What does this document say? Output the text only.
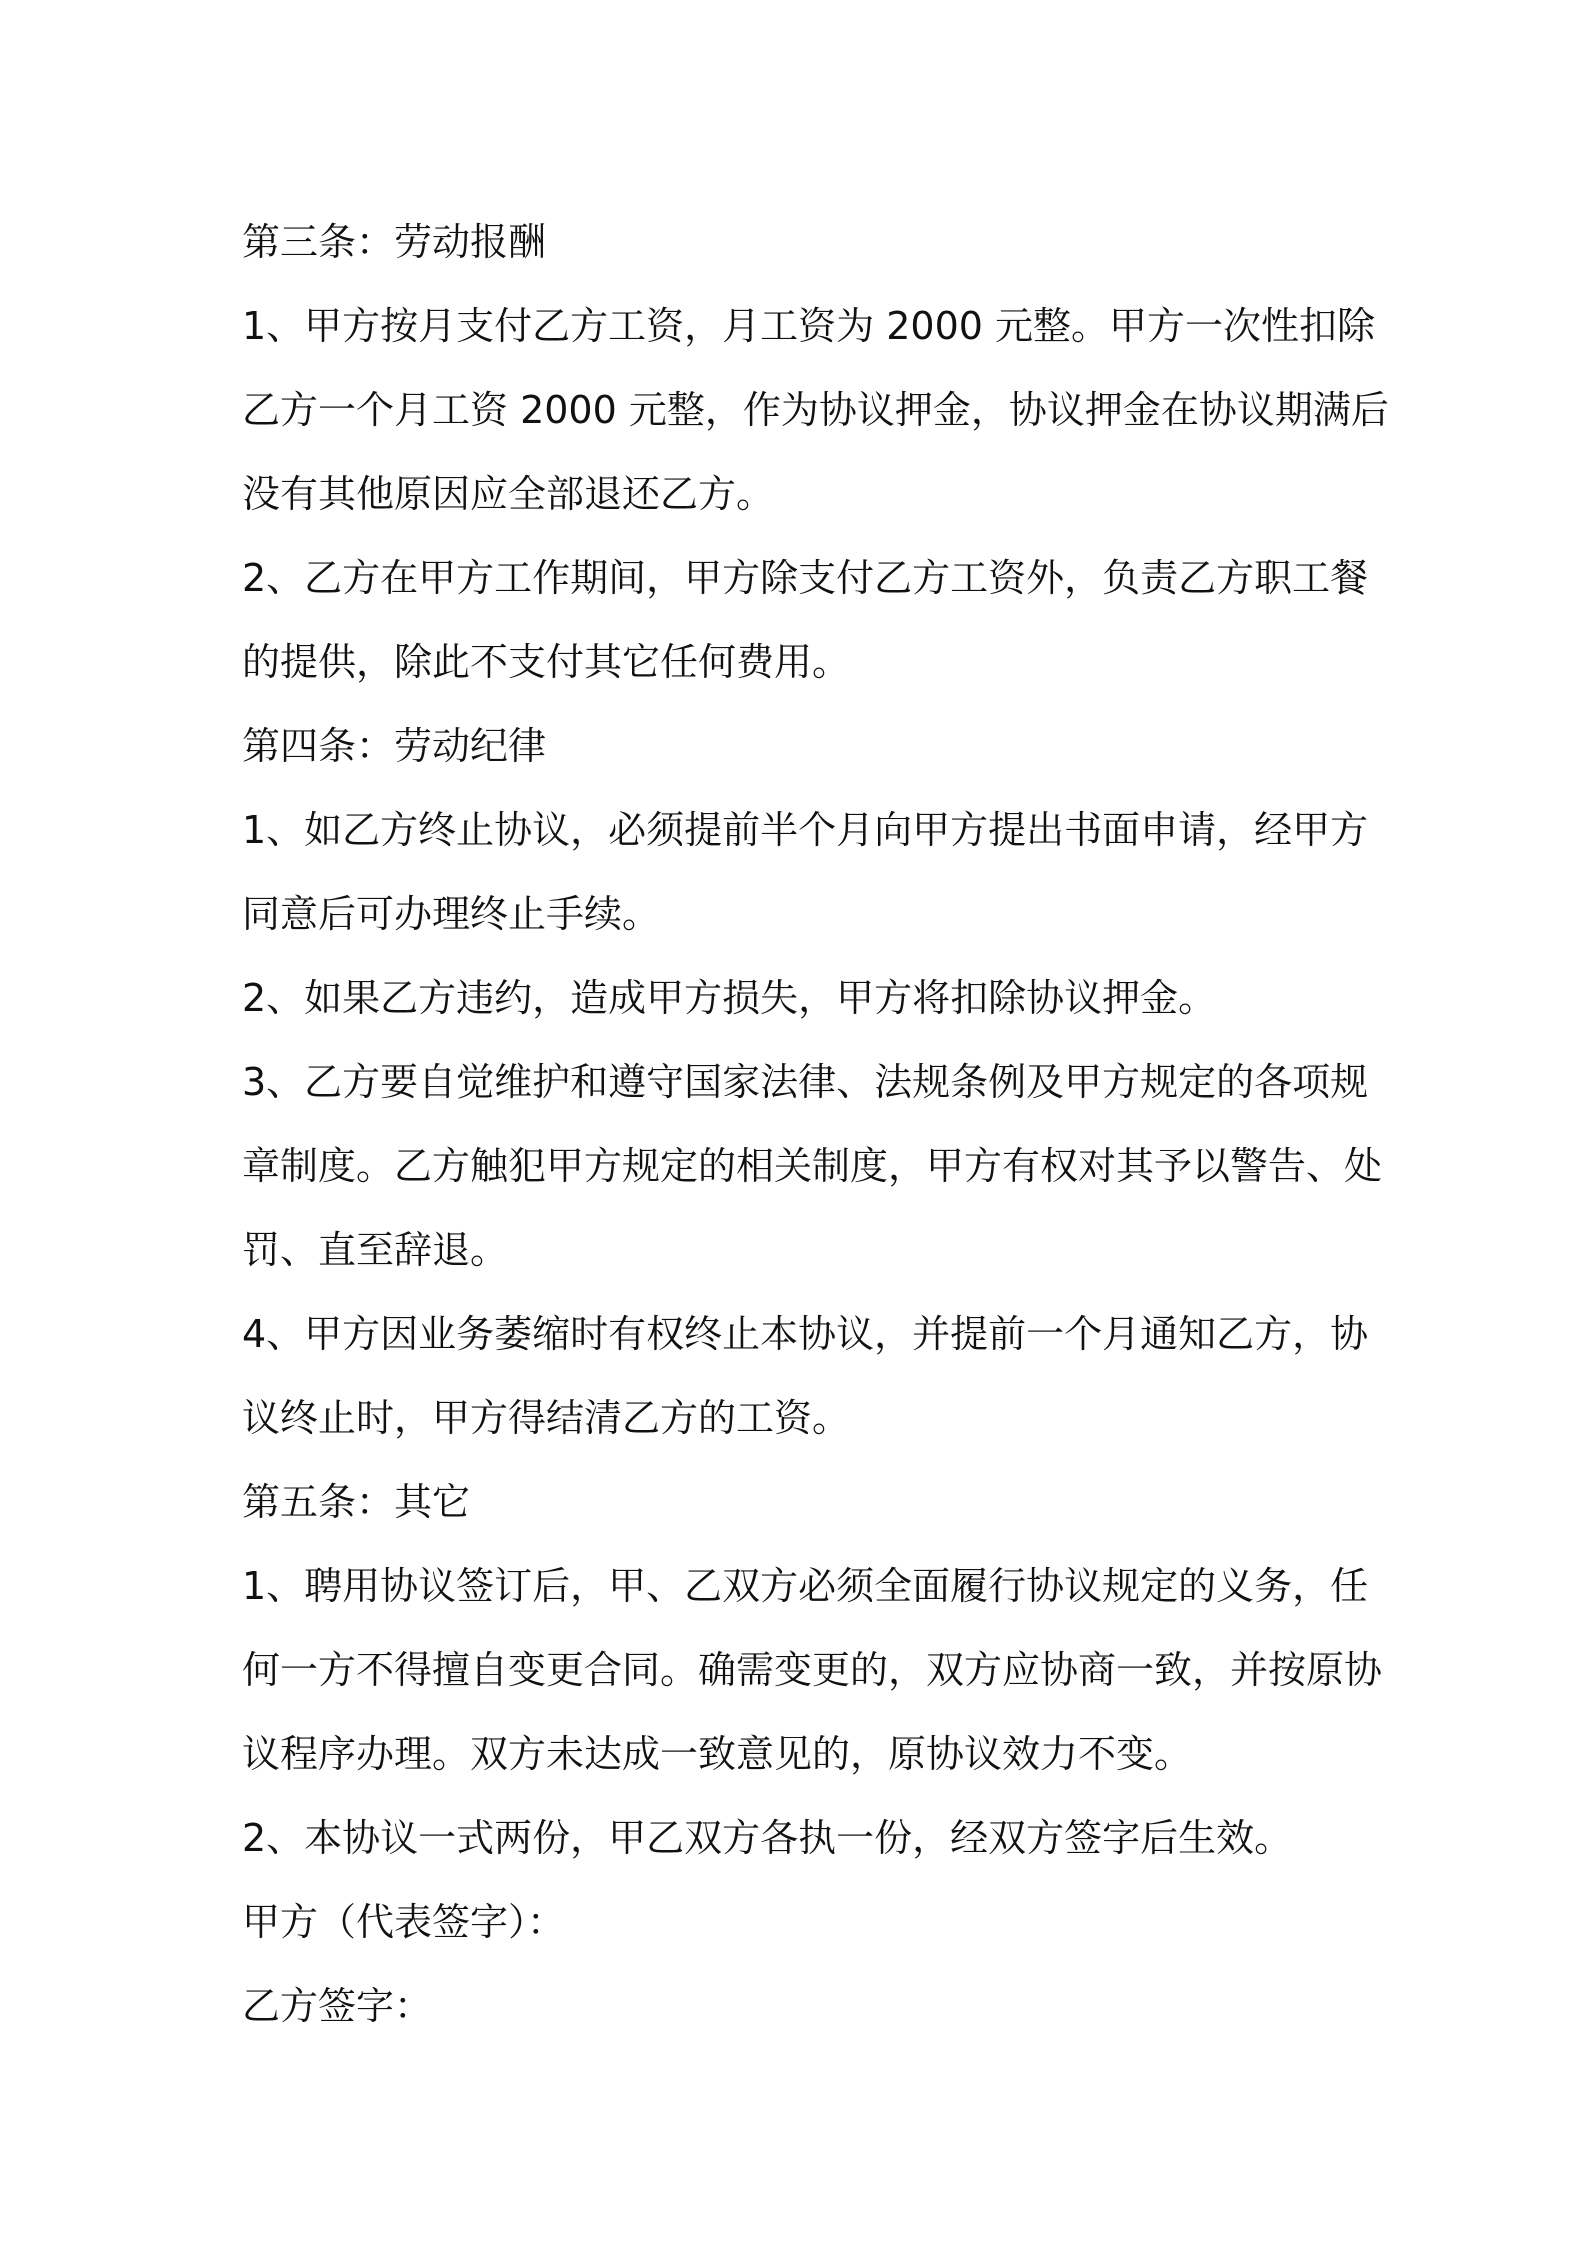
第三条：劳动报酬

1、甲方按月支付乙方工资，月工资为 2000 元整。甲方一次性扣除

乙方一个月工资 2000 元整，作为协议押金，协议押金在协议期满后

没有其他原因应全部退还乙方。

2、乙方在甲方工作期间，甲方除支付乙方工资外，负责乙方职工餐

的提供，除此不支付其它任何费用。

第四条：劳动纪律

1、如乙方终止协议，必须提前半个月向甲方提出书面申请，经甲方

同意后可办理终止手续。

2、如果乙方违约，造成甲方损失，甲方将扣除协议押金。

3、乙方要自觉维护和遵守国家法律、法规条例及甲方规定的各项规

章制度。乙方触犯甲方规定的相关制度，甲方有权对其予以警告、处

罚、直至辞退。

4、甲方因业务萎缩时有权终止本协议，并提前一个月通知乙方，协

议终止时，甲方得结清乙方的工资。

第五条：其它

1、聘用协议签订后，甲、乙双方必须全面履行协议规定的义务，任

何一方不得擅自变更合同。确需变更的，双方应协商一致，并按原协

议程序办理。双方未达成一致意见的，原协议效力不变。

2、本协议一式两份，甲乙双方各执一份，经双方签字后生效。

甲方（代表签字）：

乙方签字：
